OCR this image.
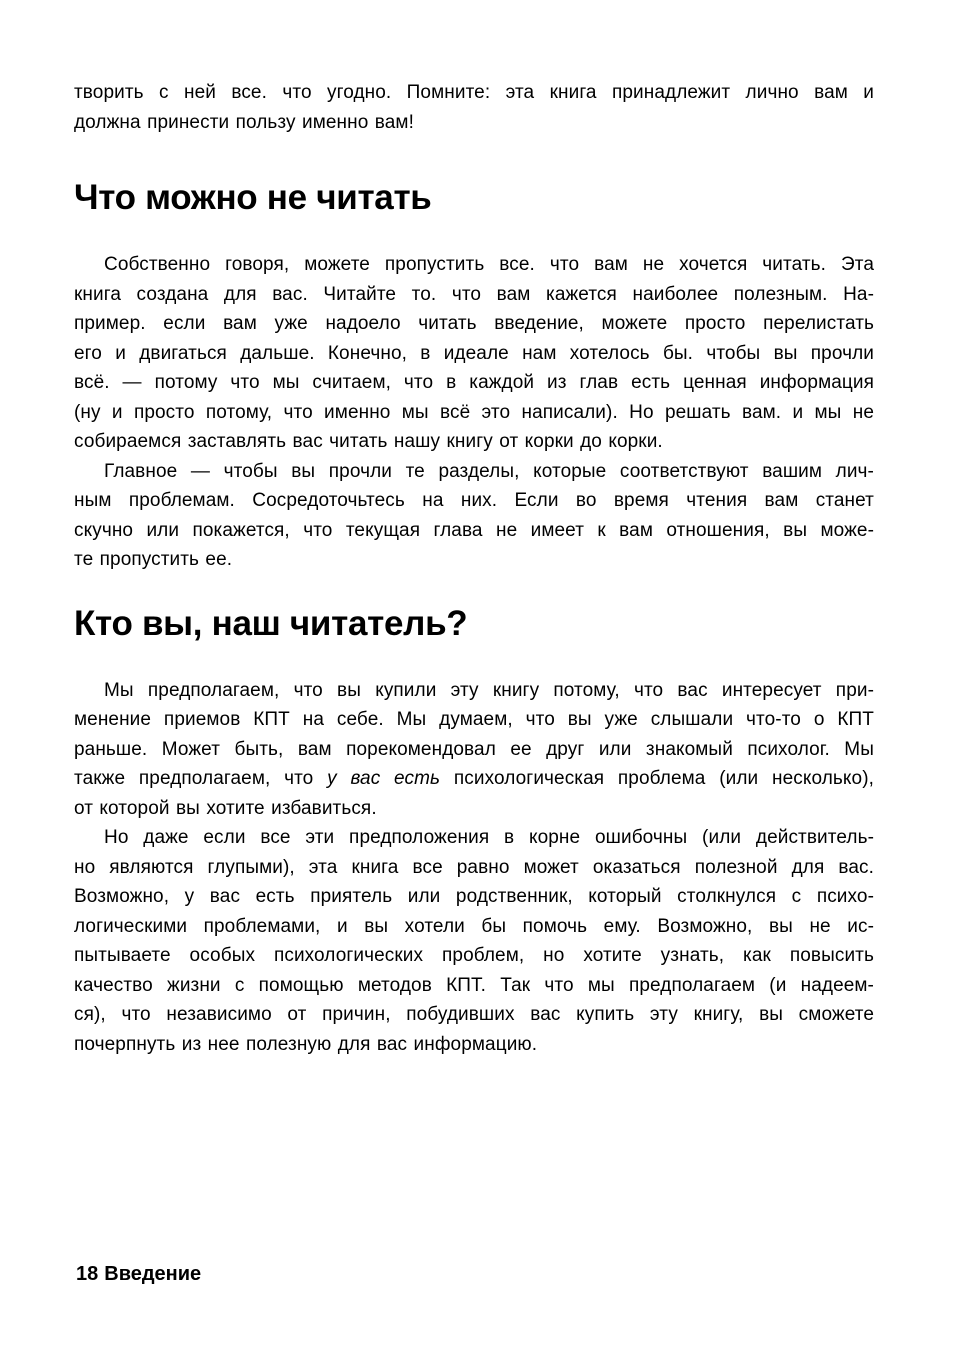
творить с ней все. что угодно. Помните: эта книга принадлежит лично вам и
должна принести пользу именно вам!
Что можно не читать
Собственно говоря, можете пропустить все. что вам не хочется читать. Эта
книга создана для вас. Читайте то. что вам кажется наиболее полезным. На-
пример. если вам уже надоело читать введение, можете просто перелистать
его и двигаться дальше. Конечно, в идеале нам хотелось бы. чтобы вы прочли
всё. — потому что мы считаем, что в каждой из глав есть ценная информация
(ну и просто потому, что именно мы всё это написали). Но решать вам. и мы не
собираемся заставлять вас читать нашу книгу от корки до корки.
Главное — чтобы вы прочли те разделы, которые соответствуют вашим лич-
ным проблемам. Сосредоточьтесь на них. Если во время чтения вам станет
скучно или покажется, что текущая глава не имеет к вам отношения, вы може-
те пропустить ее.
Кто вы, наш читатель?
Мы предполагаем, что вы купили эту книгу потому, что вас интересует при-
менение приемов КПТ на себе. Мы думаем, что вы уже слышали что-то о КПТ
раньше. Может быть, вам порекомендовал ее друг или знакомый психолог. Мы
также предполагаем, что у вас есть психологическая проблема (или несколько),
от которой вы хотите избавиться.
Но даже если все эти предположения в корне ошибочны (или действитель-
но являются глупыми), эта книга все равно может оказаться полезной для вас.
Возможно, у вас есть приятель или родственник, который столкнулся с психо-
логическими проблемами, и вы хотели бы помочь ему. Возможно, вы не ис-
пытываете особых психологических проблем, но хотите узнать, как повысить
качество жизни с помощью методов КПТ. Так что мы предполагаем (и надеем-
ся), что независимо от причин, побудивших вас купить эту книгу, вы сможете
почерпнуть из нее полезную для вас информацию.
18 Введение
